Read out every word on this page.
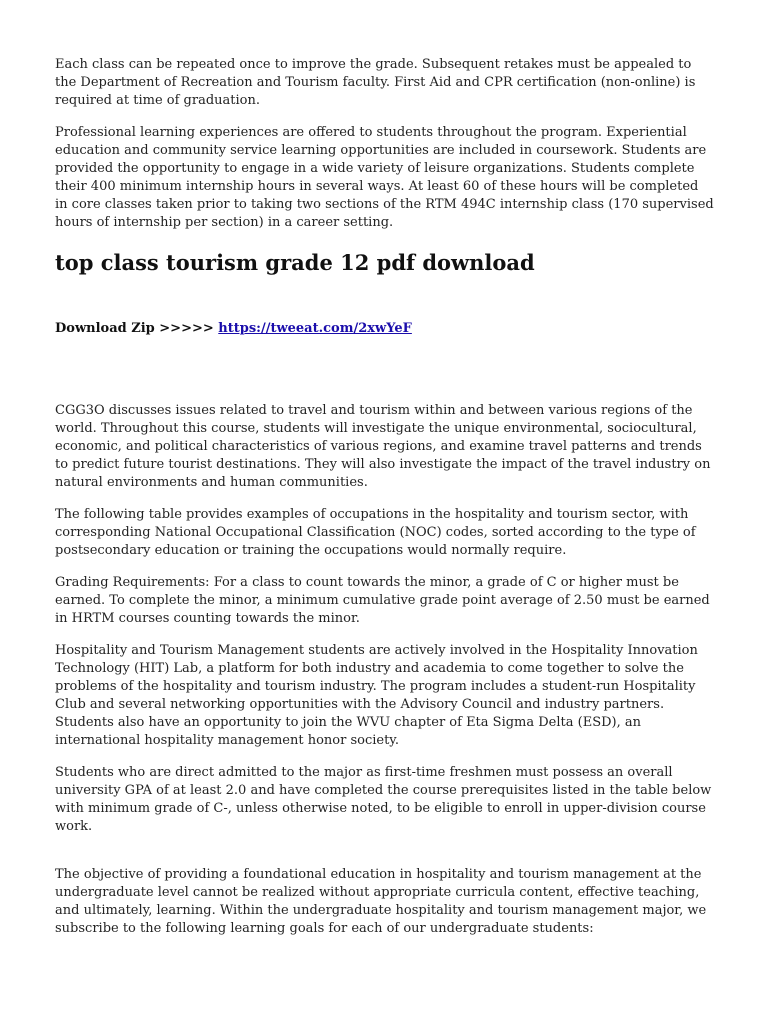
Each class can be repeated once to improve the grade. Subsequent retakes must be appealed to the Department of Recreation and Tourism faculty. First Aid and CPR certification (non-online) is required at time of graduation.

Professional learning experiences are offered to students throughout the program. Experiential education and community service learning opportunities are included in coursework. Students are provided the opportunity to engage in a wide variety of leisure organizations. Students complete their 400 minimum internship hours in several ways. At least 60 of these hours will be completed in core classes taken prior to taking two sections of the RTM 494C internship class (170 supervised hours of internship per section) in a career setting.

top class tourism grade 12 pdf download
Download Zip >>>>> https://tweeat.com/2xwYeF

CGG3O discusses issues related to travel and tourism within and between various regions of the world. Throughout this course, students will investigate the unique environmental, sociocultural, economic, and political characteristics of various regions, and examine travel patterns and trends to predict future tourist destinations. They will also investigate the impact of the travel industry on natural environments and human communities.

The following table provides examples of occupations in the hospitality and tourism sector, with corresponding National Occupational Classification (NOC) codes, sorted according to the type of postsecondary education or training the occupations would normally require.

Grading Requirements: For a class to count towards the minor, a grade of C or higher must be earned. To complete the minor, a minimum cumulative grade point average of 2.50 must be earned in HRTM courses counting towards the minor.

Hospitality and Tourism Management students are actively involved in the Hospitality Innovation Technology (HIT) Lab, a platform for both industry and academia to come together to solve the problems of the hospitality and tourism industry. The program includes a student-run Hospitality Club and several networking opportunities with the Advisory Council and industry partners. Students also have an opportunity to join the WVU chapter of Eta Sigma Delta (ESD), an international hospitality management honor society.

Students who are direct admitted to the major as first-time freshmen must possess an overall university GPA of at least 2.0 and have completed the course prerequisites listed in the table below with minimum grade of C-, unless otherwise noted, to be eligible to enroll in upper-division course work.

The objective of providing a foundational education in hospitality and tourism management at the undergraduate level cannot be realized without appropriate curricula content, effective teaching, and ultimately, learning. Within the undergraduate hospitality and tourism management major, we subscribe to the following learning goals for each of our undergraduate students:
